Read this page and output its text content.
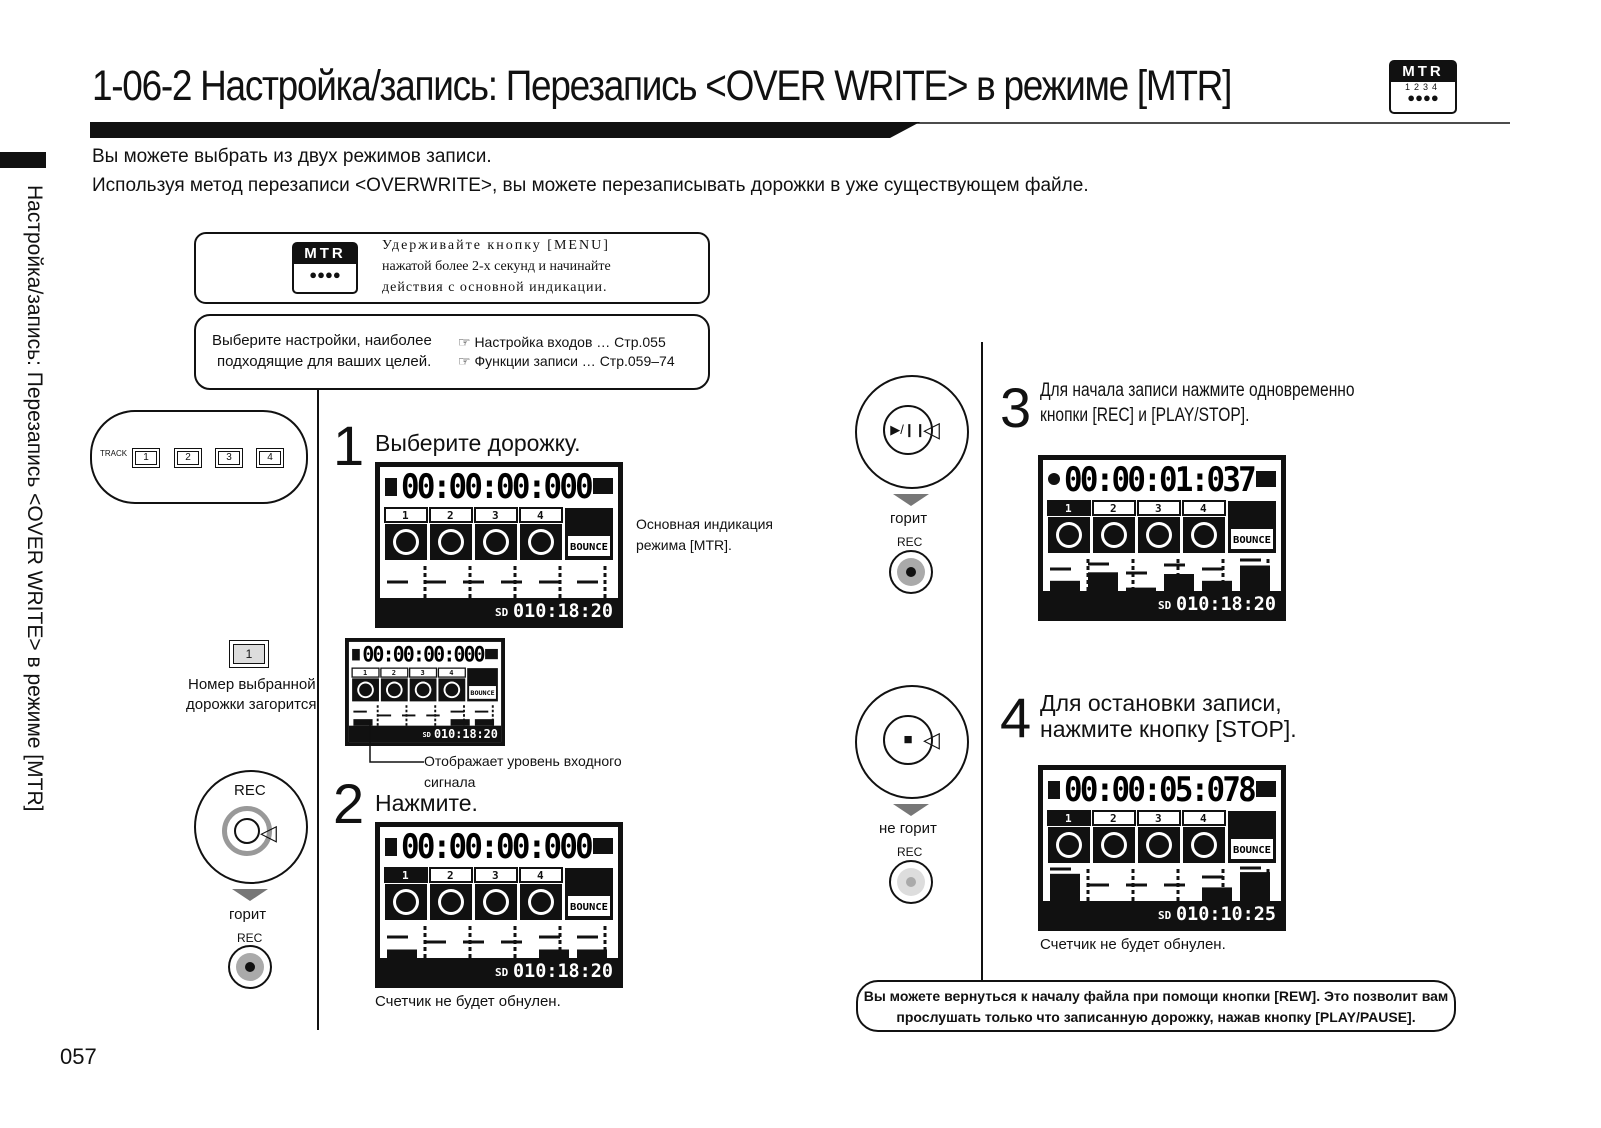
1-06-2 Настройка/запись: Перезапись <OVER WRITE> в режиме [MTR]	MTR
1234
●●●●
Настройка/запись: Перезапись <OVER WRITE> в режиме [MTR]
Вы можете выбрать из двух режимов записи.
Используя метод перезаписи <OVERWRITE>, вы можете перезаписывать дорожки в уже существующем файле.
MTR
●●●●
Удерживайте кнопку [MENU]
нажатой более 2-х секунд и начинайте
действия с основной индикации.
Выберите настройки, наиболее
подходящие для ваших целей.
☞ Настройка входов … Стр.055
☞ Функции записи … Стр.059–74
TRACK	1	2	3	4
1
Номер выбранной
дорожки загорится
REC
◁
горит
REC
1 Выберите дорожку.
00:00:00:000
1	2	3	4
BOUNCE
SD 010:18:20
Основная индикация
режима [MTR].
00:00:00:000
1	2	3	4
BOUNCE
SD 010:18:20
Отображает уровень входного
сигнала
2 Нажмите.
00:00:00:000
1	2	3	4
BOUNCE
SD 010:18:20
Счетчик не будет обнулен.
▶/❙❙
◁
горит
REC
3 Для начала записи нажмите одновременно
кнопки [REC] и [PLAY/STOP].
00:00:01:037
1	2	3	4
BOUNCE
SD 010:18:20
■ ◁
не горит
REC
4 Для остановки записи,
нажмите кнопку [STOP].
00:00:05:078
1	2	3	4
BOUNCE
SD 010:10:25
Счетчик не будет обнулен.
Вы можете вернуться к началу файла при помощи кнопки [REW]. Это позволит вам
прослушать только что записанную дорожку, нажав кнопку [PLAY/PAUSE].
057
